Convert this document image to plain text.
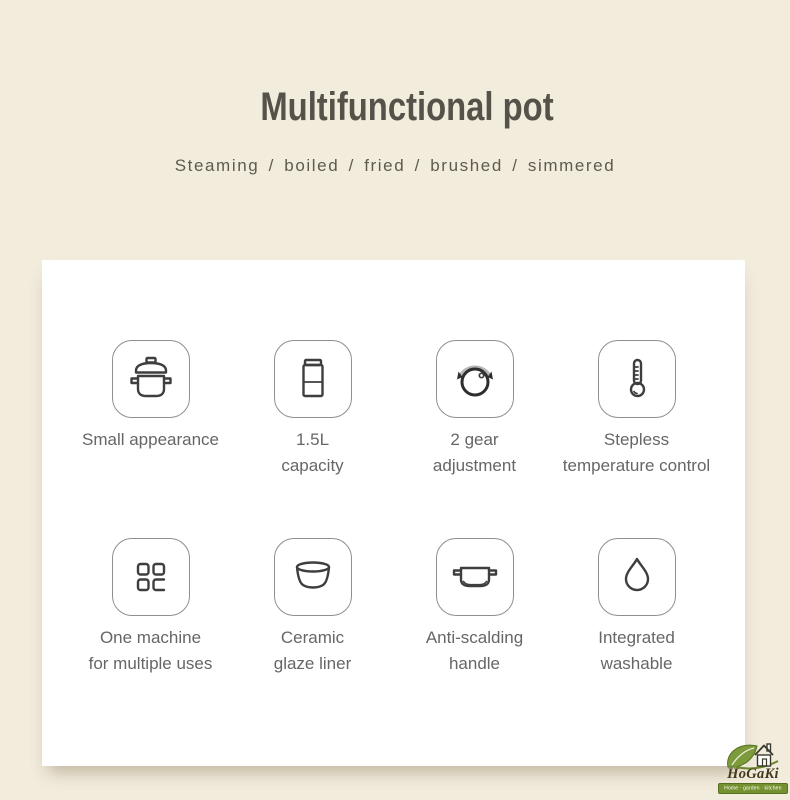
Multifunctional pot
Steaming / boiled / fried / brushed / simmered
Small appearance	1.5L
capacity
2 gear
adjustment
Stepless
temperature control
One machine
for multiple uses
Ceramic
glaze liner
Anti-scalding
handle
Integrated
washable
HoGaKi
Home · garden · kitchen
